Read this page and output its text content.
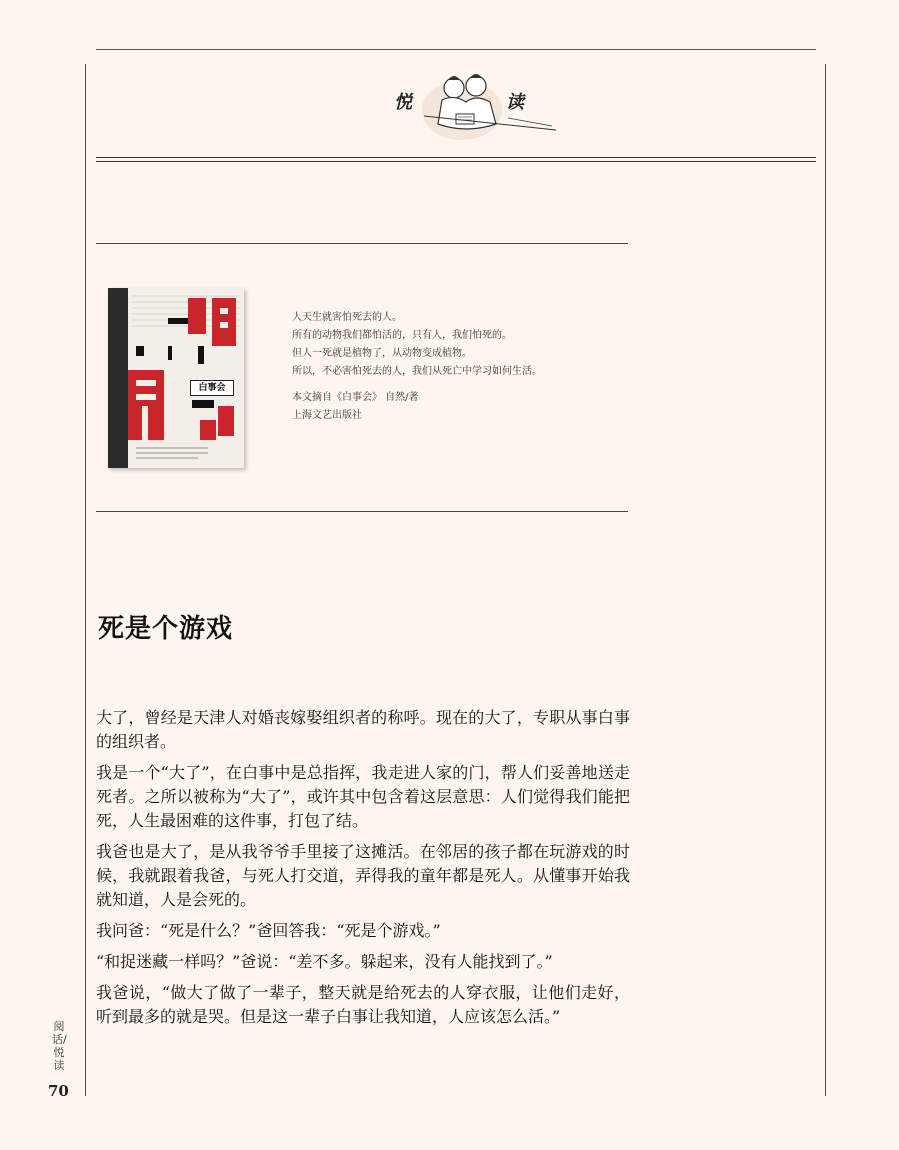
悦	读
白事会

人天生就害怕死去的人。

所有的动物我们都怕活的，只有人，我们怕死的。

但人一死就是植物了，从动物变成植物。

所以，不必害怕死去的人，我们从死亡中学习如何生活。

本文摘自《白事会》 自然/著

上海文艺出版社

死是个游戏

大了，曾经是天津人对婚丧嫁娶组织者的称呼。现在的大了，专职从事白事的组织者。

我是一个“大了”，在白事中是总指挥，我走进人家的门，帮人们妥善地送走死者。之所以被称为“大了”，或许其中包含着这层意思：人们觉得我们能把死，人生最困难的这件事，打包了结。

我爸也是大了，是从我爷爷手里接了这摊活。在邻居的孩子都在玩游戏的时候，我就跟着我爸，与死人打交道，弄得我的童年都是死人。从懂事开始我就知道，人是会死的。

我问爸：“死是什么？”爸回答我：“死是个游戏。”

“和捉迷藏一样吗？”爸说：“差不多。躲起来，没有人能找到了。”

我爸说，“做大了做了一辈子，整天就是给死去的人穿衣服，让他们走好，听到最多的就是哭。但是这一辈子白事让我知道，人应该怎么活。”

阅话/悦读
70
